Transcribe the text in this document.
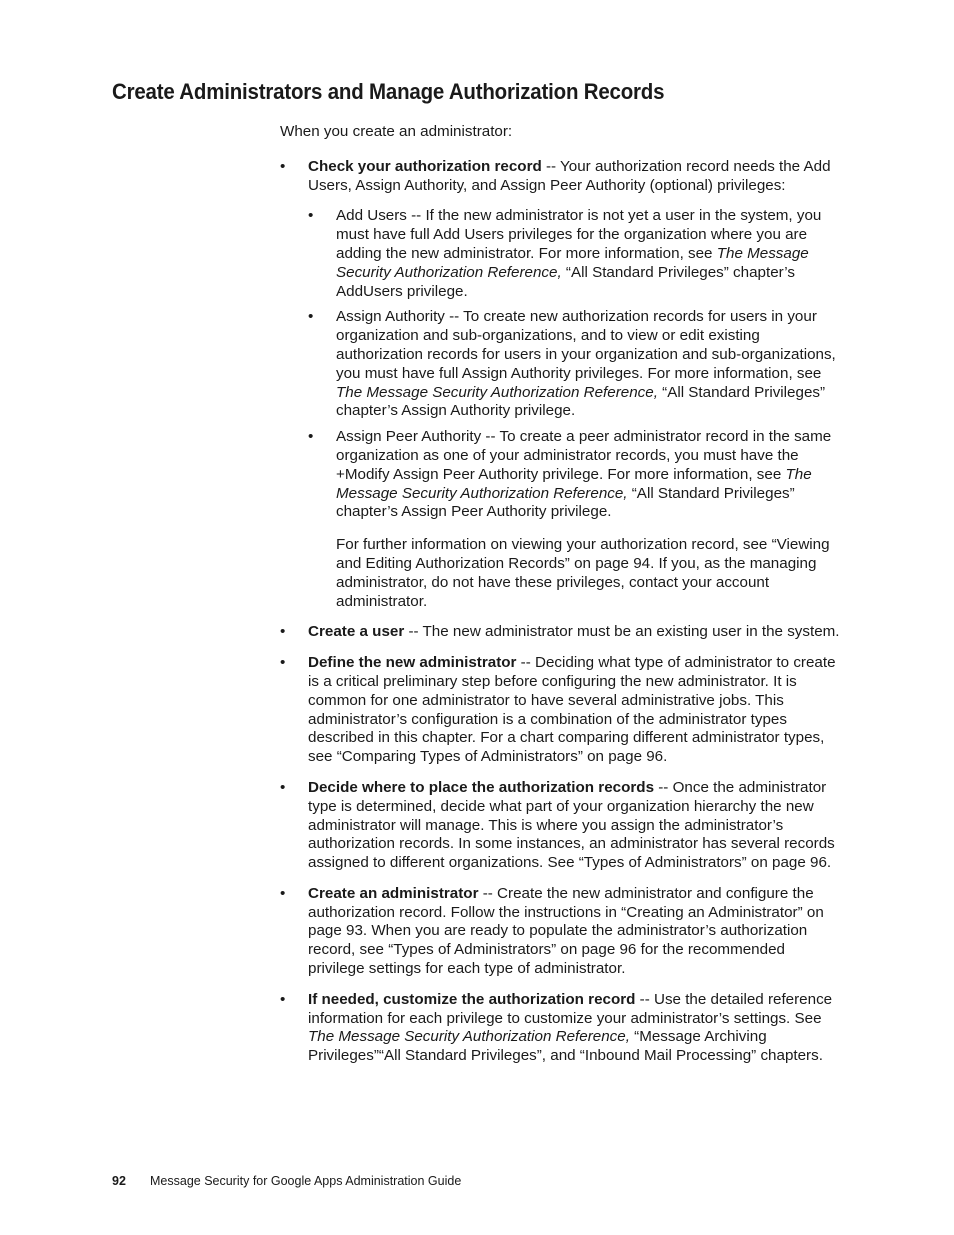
Create Administrators and Manage Authorization Records

When you create an administrator:

• Check your authorization record -- Your authorization record needs the Add Users, Assign Authority, and Assign Peer Authority (optional) privileges:
• Add Users -- If the new administrator is not yet a user in the system, you must have full Add Users privileges for the organization where you are adding the new administrator. For more information, see The Message Security Authorization Reference, “All Standard Privileges” chapter’s AddUsers privilege.
• Assign Authority -- To create new authorization records for users in your organization and sub-organizations, and to view or edit existing authorization records for users in your organization and sub-organizations, you must have full Assign Authority privileges. For more information, see The Message Security Authorization Reference, “All Standard Privileges” chapter’s Assign Authority privilege.
• Assign Peer Authority -- To create a peer administrator record in the same organization as one of your administrator records, you must have the +Modify Assign Peer Authority privilege. For more information, see The Message Security Authorization Reference, “All Standard Privileges” chapter’s Assign Peer Authority privilege.

For further information on viewing your authorization record, see “Viewing and Editing Authorization Records” on page 94. If you, as the managing administrator, do not have these privileges, contact your account administrator.

• Create a user -- The new administrator must be an existing user in the system.
• Define the new administrator -- Deciding what type of administrator to create is a critical preliminary step before configuring the new administrator. It is common for one administrator to have several administrative jobs. This administrator’s configuration is a combination of the administrator types described in this chapter. For a chart comparing different administrator types, see “Comparing Types of Administrators” on page 96.
• Decide where to place the authorization records -- Once the administrator type is determined, decide what part of your organization hierarchy the new administrator will manage. This is where you assign the administrator’s authorization records. In some instances, an administrator has several records assigned to different organizations. See “Types of Administrators” on page 96.
• Create an administrator -- Create the new administrator and configure the authorization record. Follow the instructions in “Creating an Administrator” on page 93. When you are ready to populate the administrator’s authorization record, see “Types of Administrators” on page 96 for the recommended privilege settings for each type of administrator.
• If needed, customize the authorization record -- Use the detailed reference information for each privilege to customize your administrator’s settings. See The Message Security Authorization Reference, “Message Archiving Privileges”“All Standard Privileges”, and “Inbound Mail Processing” chapters.
92 Message Security for Google Apps Administration Guide
